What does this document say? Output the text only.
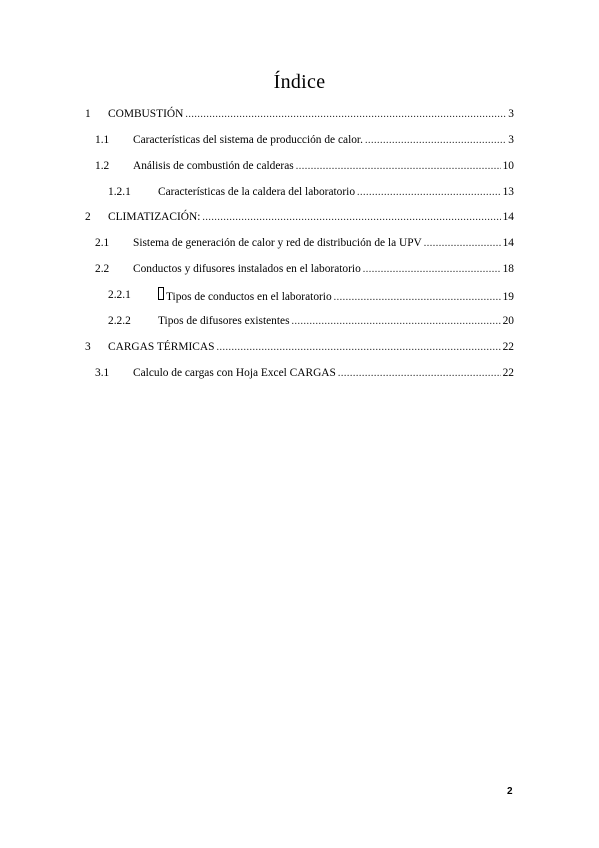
Índice
1 COMBUSTIÓN .....	3
1.1 Características del sistema de producción de calor. .....	3
1.2 Análisis de combustión de calderas .....	10
1.2.1 Características de la caldera del laboratorio .....	13
2 CLIMATIZACIÓN: .....	14
2.1 Sistema de generación de calor y red de distribución de la UPV .....	14
2.2 Conductos y difusores instalados en el laboratorio .....	18
2.2.1	Tipos de conductos en el laboratorio .....	19
2.2.2 Tipos de difusores existentes .....	20
3 CARGAS TÉRMICAS .....	22
3.1 Calculo de cargas con Hoja Excel CARGAS .....	22
2
